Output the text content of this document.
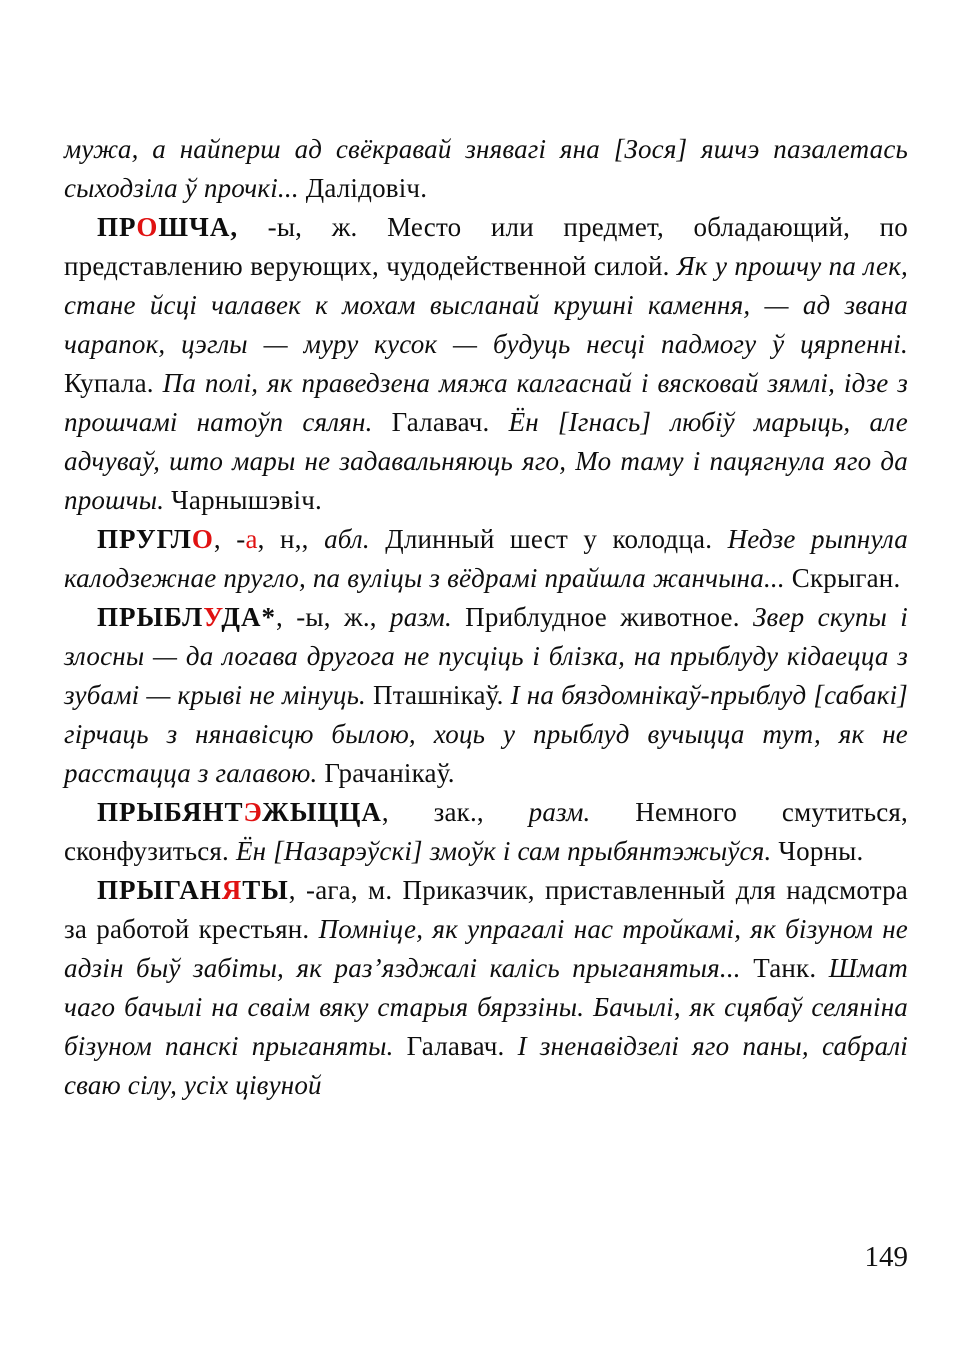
мужа, а найперш ад свёкравай знявагі яна [Зося] яшчэ пазалетась сыходзіла ў прочкі... Далідовіч.

ПРОШЧА, -ы, ж. Место или предмет, обладающий, по представлению верующих, чудодейственной силой. Як у прошчу па лек, стане йсці чалавек к мохам высланай крушні камення, — ад звана чарапок, цэглы — муру кусок — будуць несці падмогу ў цярпенні. Купала. Па полі, як праведзена мяжа калгаснай і вясковай зямлі, ідзе з прошчамі натоўп сялян. Галавач. Ён [Ігнась] любіў марыць, але адчуваў, што мары не задавальняюць яго, Мо таму і пацягнула яго да прошчы. Чарнышэвіч.

ПРУГЛО, -а, н,, абл. Длинный шест у колодца. Недзе рыпнула калодзежнае пругло, па вуліцы з вёдрамі прайшла жанчына... Скрыган.

ПРЫБЛУДА*, -ы, ж., разм. Приблудное животное. Звер скупы і злосны — да логава другога не пусціць і блізка, на прыблуду кідаецца з зубамі — крыві не мінуць. Пташнікаў. І на бяздомнікаў-прыблуд [сабакі] гірчаць з нянавісцю былою, хоць у прыблуд вучыцца тут, як не расстацца з галавою. Грачанікаў.

ПРЫБЯНТЭЖЫЦЦА, зак., разм. Немного смутиться, сконфузиться. Ён [Назарэўскі] змоўк і сам прыбянтэжыўся. Чорны.

ПРЫГАНЯТЫ, -ага, м. Приказчик, приставленный для надсмотра за работой крестьян. Помніце, як упрагалі нас тройкамі, як бізуном не адзін быў забіты, як раз’язджалі калісь прыганятыя... Танк. Шмат чаго бачылі на сваім вяку старыя бярззіны. Бачылі, як сцябаў селяніна бізуном панскі прыганяты. Галавач. І зненавідзелі яго паны, сабралі сваю сілу, усіх цівуной

149
